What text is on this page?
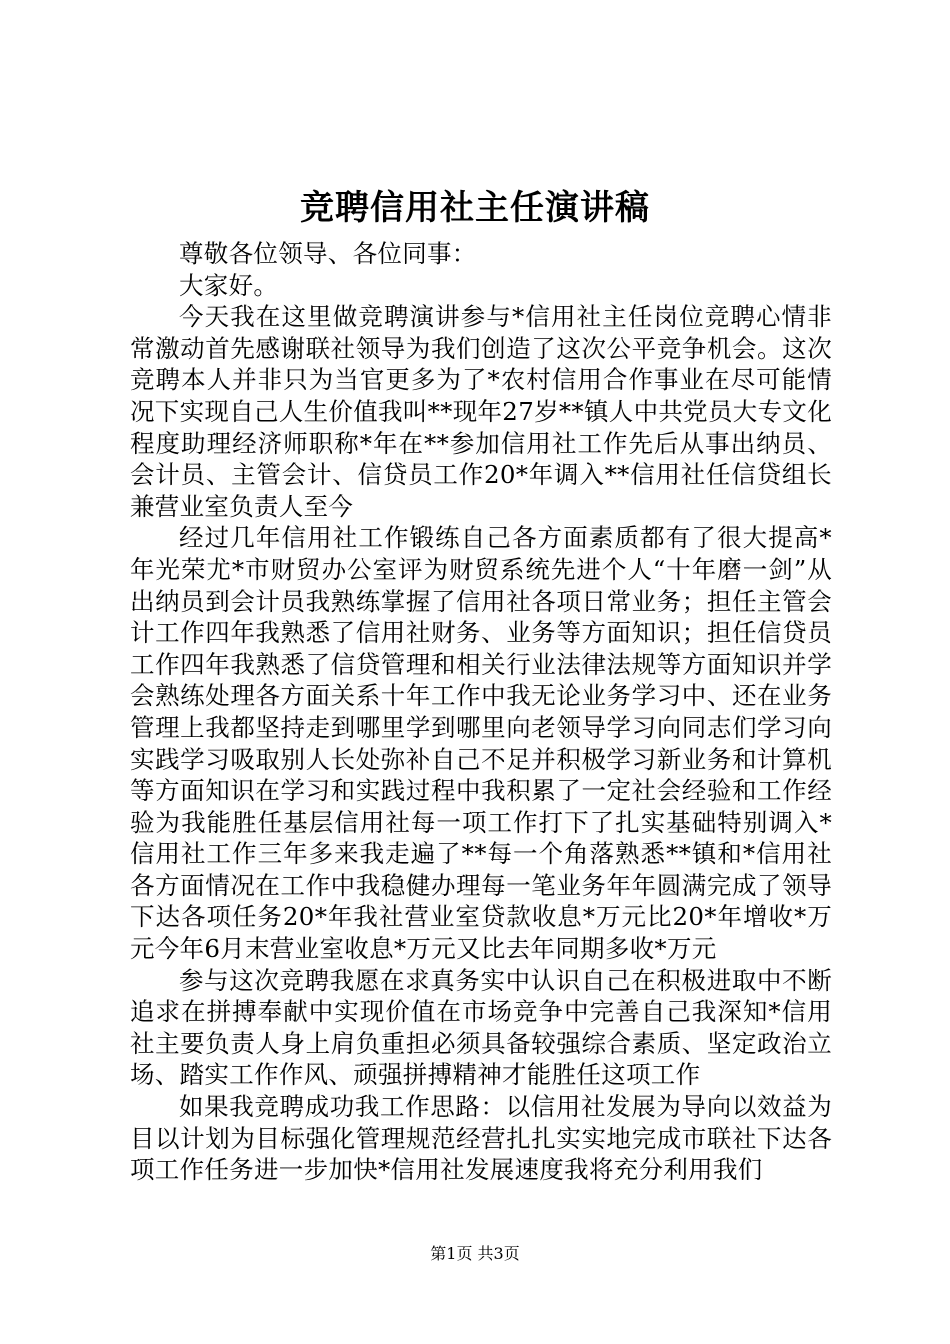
竞聘信用社主任演讲稿

尊敬各位领导、各位同事：

大家好。

今天我在这里做竞聘演讲参与*信用社主任岗位竞聘心情非常激动首先感谢联社领导为我们创造了这次公平竞争机会。这次竞聘本人并非只为当官更多为了*农村信用合作事业在尽可能情况下实现自己人生价值我叫**现年27岁**镇人中共党员大专文化程度助理经济师职称*年在**参加信用社工作先后从事出纳员、会计员、主管会计、信贷员工作20*年调入**信用社任信贷组长兼营业室负责人至今

经过几年信用社工作锻练自己各方面素质都有了很大提高*年光荣尤*市财贸办公室评为财贸系统先进个人“十年磨一剑”从出纳员到会计员我熟练掌握了信用社各项日常业务；担任主管会计工作四年我熟悉了信用社财务、业务等方面知识；担任信贷员工作四年我熟悉了信贷管理和相关行业法律法规等方面知识并学会熟练处理各方面关系十年工作中我无论业务学习中、还在业务管理上我都坚持走到哪里学到哪里向老领导学习向同志们学习向实践学习吸取别人长处弥补自己不足并积极学习新业务和计算机等方面知识在学习和实践过程中我积累了一定社会经验和工作经验为我能胜任基层信用社每一项工作打下了扎实基础特别调入*信用社工作三年多来我走遍了**每一个角落熟悉**镇和*信用社各方面情况在工作中我稳健办理每一笔业务年年圆满完成了领导下达各项任务20*年我社营业室贷款收息*万元比20*年增收*万元今年6月末营业室收息*万元又比去年同期多收*万元

参与这次竞聘我愿在求真务实中认识自己在积极进取中不断追求在拼搏奉献中实现价值在市场竞争中完善自己我深知*信用社主要负责人身上肩负重担必须具备较强综合素质、坚定政治立场、踏实工作作风、顽强拼搏精神才能胜任这项工作

如果我竞聘成功我工作思路：以信用社发展为导向以效益为目以计划为目标强化管理规范经营扎扎实实地完成市联社下达各项工作任务进一步加快*信用社发展速度我将充分利用我们

第1页 共3页
